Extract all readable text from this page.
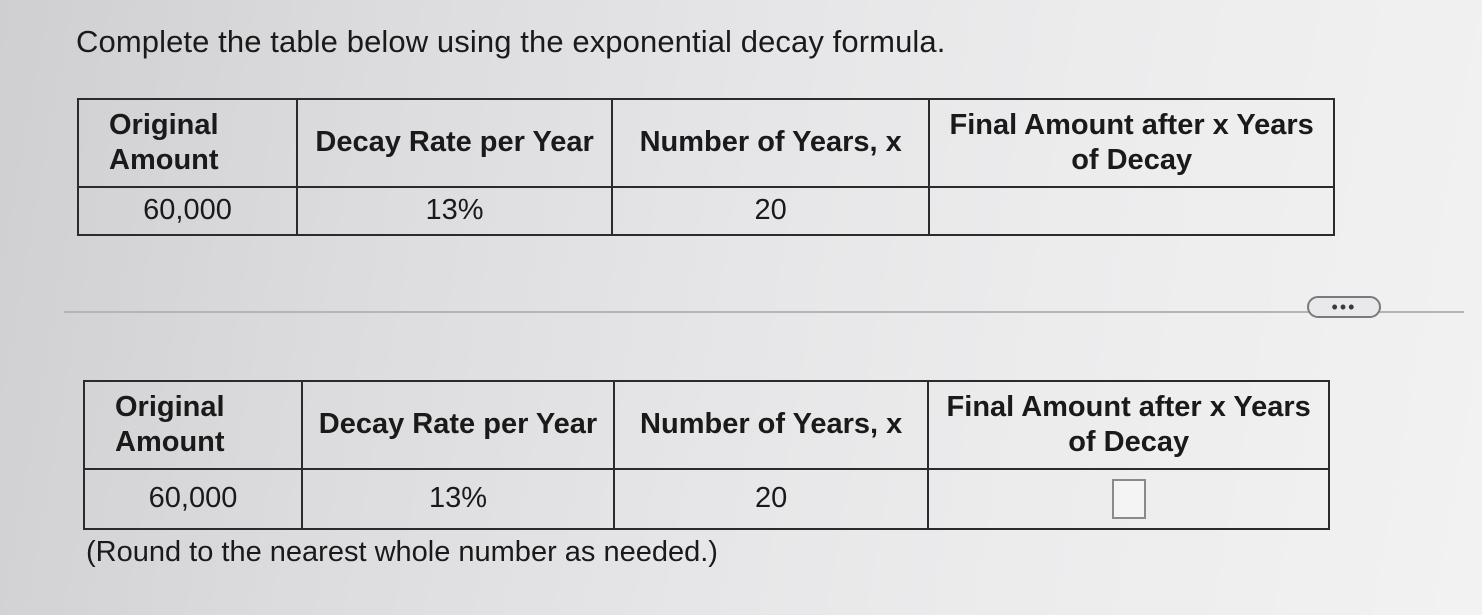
Complete the table below using the exponential decay formula.
Original Amount	Decay Rate per Year	Number of Years, x	Final Amount after x Years of Decay
60,000	13%	20	
•••
Original Amount	Decay Rate per Year	Number of Years, x	Final Amount after x Years of Decay
60,000	13%	20	
(Round to the nearest whole number as needed.)
